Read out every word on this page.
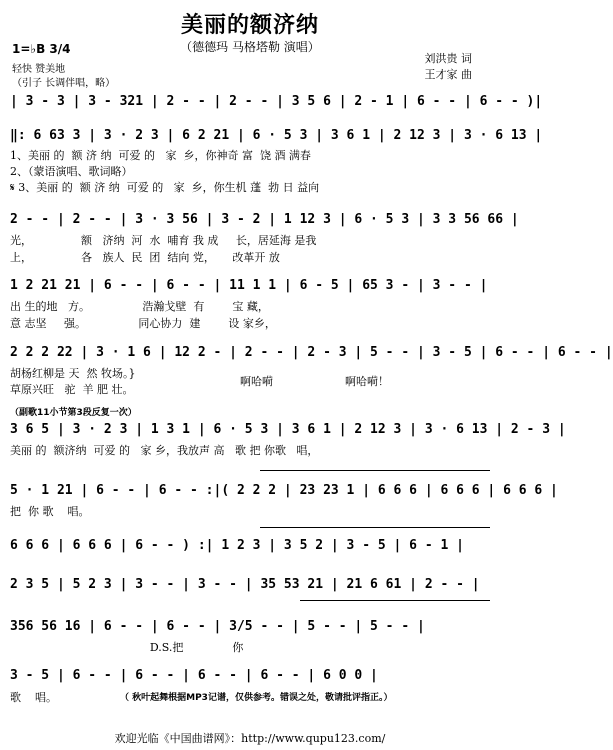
美丽的额济纳
（德德玛 马格塔勒 演唱）
刘洪贵 词
王才家 曲
1=♭B 3/4
轻快 赞美地
（引子 长调伴唱，略）
| 3 - 3 | 3 - 321 | 2 - - | 2 - - | 3 5 6 | 2 - 1 | 6 - - | 6 - - )|
‖: 6 63 3 | 3 · 2 3 | 6 2 21 | 6 · 5 3 | 3 6 1 | 2 12 3 | 3 · 6 13 |
1、美丽 的  额 济 纳  可爱 的   家  乡，你神奇 富  饶 酒 满春
2、（蒙语演唱、歌词略）
𝄋 3、美丽 的  额 济 纳  可爱 的   家  乡，你生机 蓬  勃 日 益向
2 - - | 2 - - | 3 · 3 56 | 3 - 2 | 1 12 3 | 6 · 5 3 | 3 3 56 66 |
光，              额   济纳  河  水  哺育 我 成     长，居延海 是我
上，              各   族人  民  团  结向 党，     改革开 放
1 2 21 21 | 6 - - | 6 - - | 11 1 1 | 6 - 5 | 65 3 - | 3 - - |
出 生的地   方。               浩瀚戈壁  有        宝 藏，
意 志坚     强。               同心协力  建        设 家乡，
2 2 2 22 | 3 · 1 6 | 12 2 - | 2 - - | 2 - 3 | 5 - - | 3 - 5 | 6 - - | 6 - - |
胡杨红柳是 天  然 牧场。}
草原兴旺   驼  羊 肥 壮。
啊哈嗬	啊哈嗬！
（副歌11小节第3段反复一次）
3 6 5 | 3 · 2 3 | 1 3 1 | 6 · 5 3 | 3 6 1 | 2 12 3 | 3 · 6 13 | 2 - 3 |
美丽 的  额济纳  可爱 的   家 乡，我放声 高   歌 把 你歌   唱，
5 · 1 21 | 6 - - | 6 - - :|( 2 2 2 | 23 23 1 | 6 6 6 | 6 6 6 | 6 6 6 |
把  你 歌    唱。
6 6 6 | 6 6 6 | 6 - - ) :| 1 2 3 | 3 5 2 | 3 - 5 | 6 - 1 |
2 3 5 | 5 2 3 | 3 - - | 3 - - | 35 53 21 | 21 6 61 | 2 - - |
356 56 16 | 6 - - | 6 - - | 3/5 - - | 5 - - | 5 - - |
D.S.把              你
3 - 5 | 6 - - | 6 - - | 6 - - | 6 - - | 6 0 0 |
歌    唱。	（ 秋叶起舞根据MP3记谱，仅供参考。错误之处，敬请批评指正。）
欢迎光临《中国曲谱网》：http://www.qupu123.com/
